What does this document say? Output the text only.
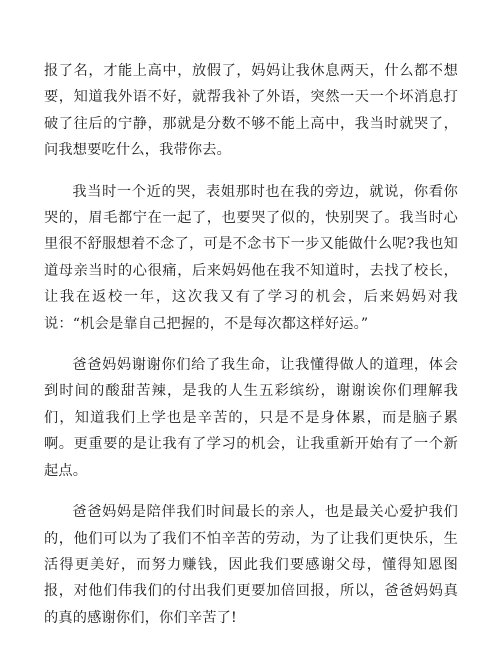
报了名，才能上高中，放假了，妈妈让我休息两天，什么都不想要，知道我外语不好，就帮我补了外语，突然一天一个坏消息打破了往后的宁静，那就是分数不够不能上高中，我当时就哭了，问我想要吃什么，我带你去。

我当时一个近的哭，表姐那时也在我的旁边，就说，你看你哭的，眉毛都宁在一起了，也要哭了似的，快别哭了。我当时心里很不舒服想着不念了，可是不念书下一步又能做什么呢?我也知道母亲当时的心很痛，后来妈妈他在我不知道时，去找了校长，让我在返校一年，这次我又有了学习的机会，后来妈妈对我说：“机会是靠自己把握的，不是每次都这样好运。”

爸爸妈妈谢谢你们给了我生命，让我懂得做人的道理，体会到时间的酸甜苦辣，是我的人生五彩缤纷，谢谢诶你们理解我们，知道我们上学也是辛苦的，只是不是身体累，而是脑子累啊。更重要的是让我有了学习的机会，让我重新开始有了一个新起点。

爸爸妈妈是陪伴我们时间最长的亲人，也是最关心爱护我们的，他们可以为了我们不怕辛苦的劳动，为了让我们更快乐，生活得更美好，而努力赚钱，因此我们要感谢父母，懂得知恩图报，对他们伟我们的付出我们更要加倍回报，所以，爸爸妈妈真的真的感谢你们，你们辛苦了!
